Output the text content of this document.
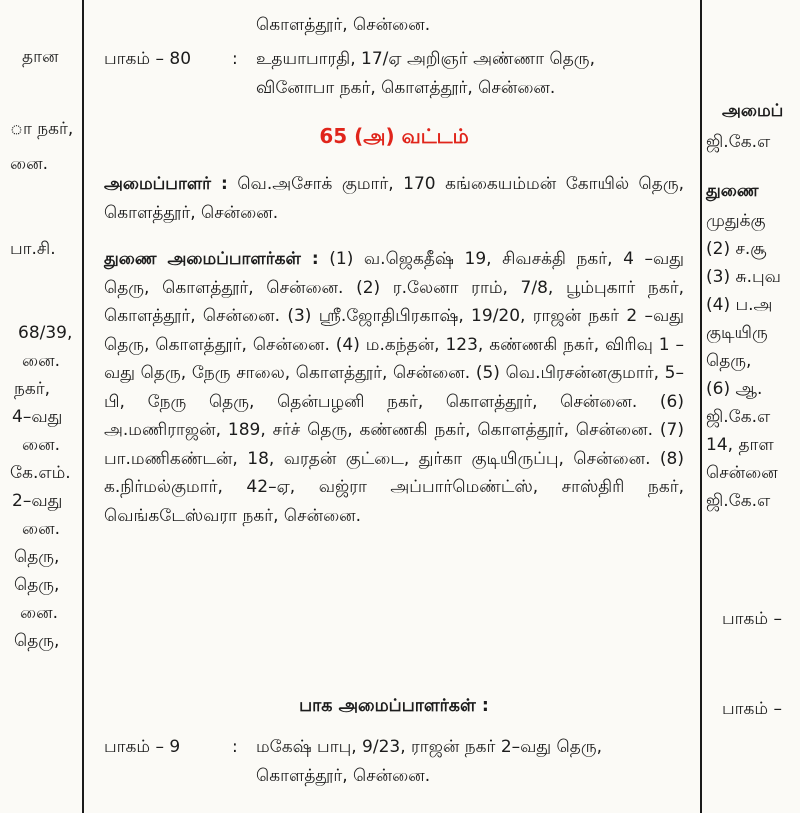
தான
ா நகர்,
னை.
பா.சி.
68/39,
னை.
நகர்,
4–வது
னை.
கே.எம்.
2–வது
னை.
தெரு,
தெரு,
னை.
தெரு,
கொளத்தூர், சென்னை.
பாகம் – 80	: உதயாபாரதி, 17/ஏ அறிஞர் அண்ணா தெரு,
வினோபா நகர், கொளத்தூர், சென்னை.
65 (அ) வட்டம்
அமைப்பாளர் : வெ.அசோக் குமார், 170 கங்கையம்மன் கோயில் தெரு, கொளத்தூர், சென்னை.
துணை அமைப்பாளர்கள் : (1) வ.ஜெகதீஷ் 19, சிவசக்தி நகர், 4 –வது தெரு, கொளத்தூர், சென்னை. (2) ர.லேனா ராம், 7/8, பூம்புகார் நகர், கொளத்தூர், சென்னை. (3) ஸ்ரீ.ஜோதிபிரகாஷ், 19/20, ராஜன் நகர் 2 –வது தெரு, கொளத்தூர், சென்னை. (4) ம.கந்தன், 123, கண்ணகி நகர், விரிவு 1 –வது தெரு, நேரு சாலை, கொளத்தூர், சென்னை. (5) வெ.பிரசன்னகுமார், 5–பி, நேரு தெரு, தென்பழனி நகர், கொளத்தூர், சென்னை. (6) அ.மணிராஜன், 189, சர்ச் தெரு, கண்ணகி நகர், கொளத்தூர், சென்னை. (7) பா.மணிகண்டன், 18, வரதன் குட்டை, துர்கா குடியிருப்பு, சென்னை. (8) க.நிர்மல்குமார், 42–ஏ, வஜ்ரா அப்பார்மெண்ட்ஸ், சாஸ்திரி நகர், வெங்கடேஸ்வரா நகர், சென்னை.
பாக அமைப்பாளர்கள் :
பாகம் – 9	: மகேஷ் பாபு, 9/23, ராஜன் நகர் 2–வது தெரு,
கொளத்தூர், சென்னை.
அமைப்
ஜி.கே.எ
துணை
முதுக்கு
(2) ச.சூ
(3) சு.புவ
(4) ப.அ
குடியிரு
தெரு,
(6) ஆ.
ஜி.கே.எ
14, தாள
சென்னை
ஜி.கே.எ
பாகம் –
பாகம் –
